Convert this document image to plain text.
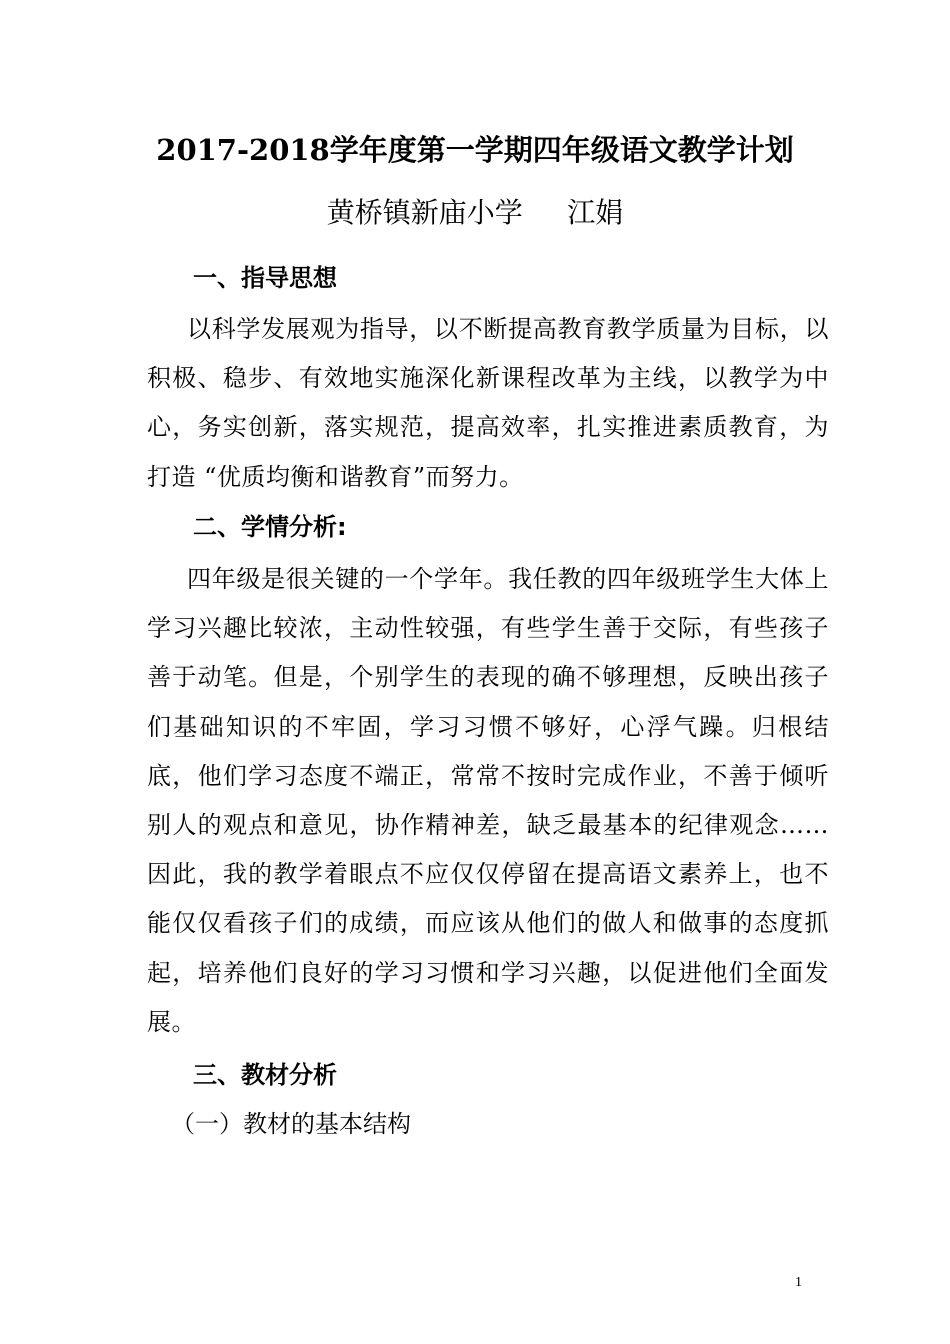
2017-2018学年度第一学期四年级语文教学计划
黄桥镇新庙小学     江娟
一、指导思想
以科学发展观为指导，以不断提高教育教学质量为目标，以积极、稳步、有效地实施深化新课程改革为主线，以教学为中心，务实创新，落实规范，提高效率，扎实推进素质教育，为打造 “优质均衡和谐教育”而努力。
二、学情分析:
四年级是很关键的一个学年。我任教的四年级班学生大体上学习兴趣比较浓，主动性较强，有些学生善于交际，有些孩子善于动笔。但是，个别学生的表现的确不够理想，反映出孩子们基础知识的不牢固，学习习惯不够好，心浮气躁。归根结底，他们学习态度不端正，常常不按时完成作业，不善于倾听别人的观点和意见，协作精神差，缺乏最基本的纪律观念……因此，我的教学着眼点不应仅仅停留在提高语文素养上，也不能仅仅看孩子们的成绩，而应该从他们的做人和做事的态度抓起，培养他们良好的学习习惯和学习兴趣，以促进他们全面发展。
三、教材分析
（一）教材的基本结构
1
